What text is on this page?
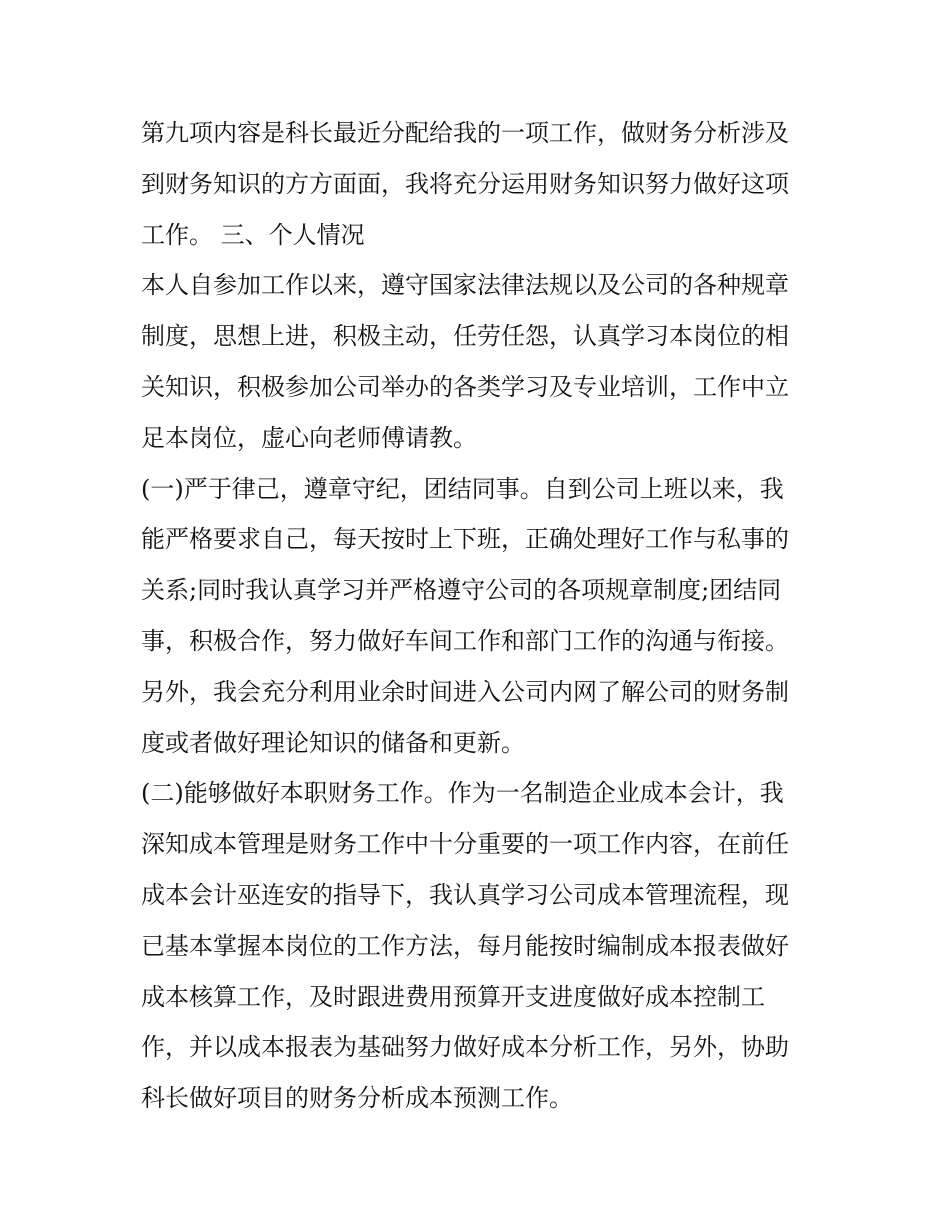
第九项内容是科长最近分配给我的一项工作，做财务分析涉及
到财务知识的方方面面，我将充分运用财务知识努力做好这项
工作。 三、个人情况
本人自参加工作以来，遵守国家法律法规以及公司的各种规章
制度，思想上进，积极主动，任劳任怨，认真学习本岗位的相
关知识，积极参加公司举办的各类学习及专业培训，工作中立
足本岗位，虚心向老师傅请教。
(一)严于律己，遵章守纪，团结同事。自到公司上班以来，我
能严格要求自己，每天按时上下班，正确处理好工作与私事的
关系;同时我认真学习并严格遵守公司的各项规章制度;团结同
事，积极合作，努力做好车间工作和部门工作的沟通与衔接。
另外，我会充分利用业余时间进入公司内网了解公司的财务制
度或者做好理论知识的储备和更新。
(二)能够做好本职财务工作。作为一名制造企业成本会计，我
深知成本管理是财务工作中十分重要的一项工作内容，在前任
成本会计巫连安的指导下，我认真学习公司成本管理流程，现
已基本掌握本岗位的工作方法，每月能按时编制成本报表做好
成本核算工作，及时跟进费用预算开支进度做好成本控制工
作，并以成本报表为基础努力做好成本分析工作，另外，协助
科长做好项目的财务分析成本预测工作。
